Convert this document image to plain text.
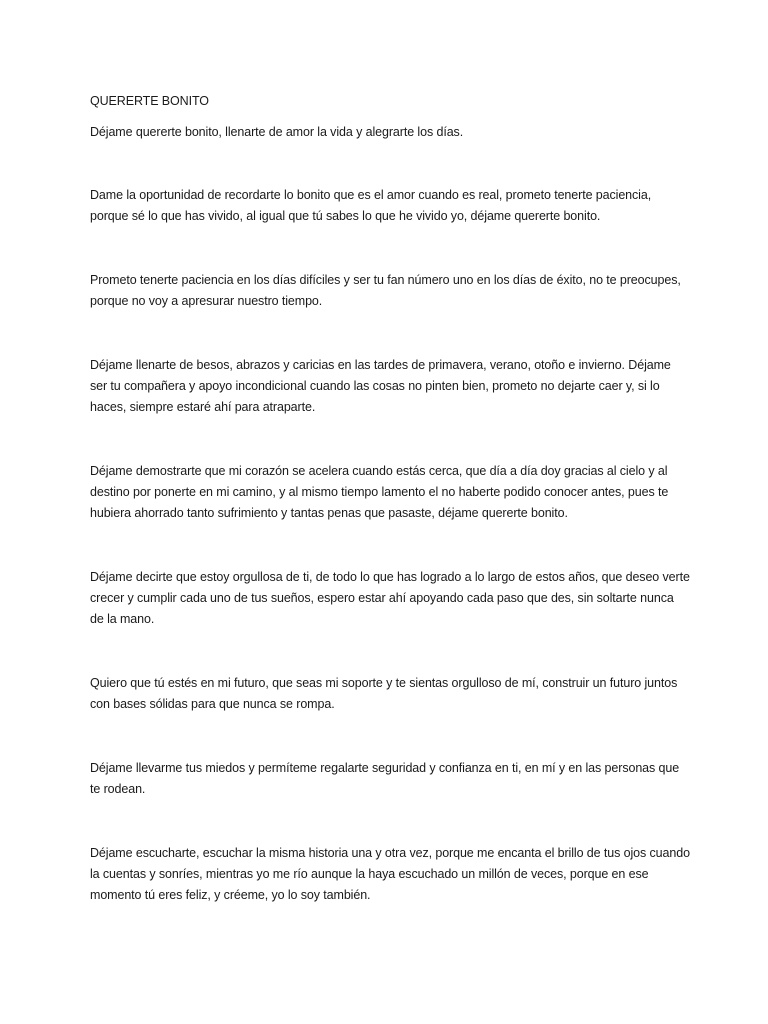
QUERERTE BONITO

Déjame quererte bonito, llenarte de amor la vida y alegrarte los días.

Dame la oportunidad de recordarte lo bonito que es el amor cuando es real, prometo tenerte paciencia, porque sé lo que has vivido, al igual que tú sabes lo que he vivido yo, déjame quererte bonito.

Prometo tenerte paciencia en los días difíciles y ser tu fan número uno en los días de éxito, no te preocupes, porque no voy a apresurar nuestro tiempo.

Déjame llenarte de besos, abrazos y caricias en las tardes de primavera, verano, otoño e invierno. Déjame ser tu compañera y apoyo incondicional cuando las cosas no pinten bien, prometo no dejarte caer y, si lo haces, siempre estaré ahí para atraparte.

Déjame demostrarte que mi corazón se acelera cuando estás cerca, que día a día doy gracias al cielo y al destino por ponerte en mi camino, y al mismo tiempo lamento el no haberte podido conocer antes, pues te hubiera ahorrado tanto sufrimiento y tantas penas que pasaste, déjame quererte bonito.

Déjame decirte que estoy orgullosa de ti, de todo lo que has logrado a lo largo de estos años, que deseo verte crecer y cumplir cada uno de tus sueños, espero estar ahí apoyando cada paso que des, sin soltarte nunca de la mano.

Quiero que tú estés en mi futuro, que seas mi soporte y te sientas orgulloso de mí, construir un futuro juntos con bases sólidas para que nunca se rompa.

Déjame llevarme tus miedos y permíteme regalarte seguridad y confianza en ti, en mí y en las personas que te rodean.

Déjame escucharte, escuchar la misma historia una y otra vez, porque me encanta el brillo de tus ojos cuando la cuentas y sonríes, mientras yo me río aunque la haya escuchado un millón de veces, porque en ese momento tú eres feliz, y créeme, yo lo soy también.
